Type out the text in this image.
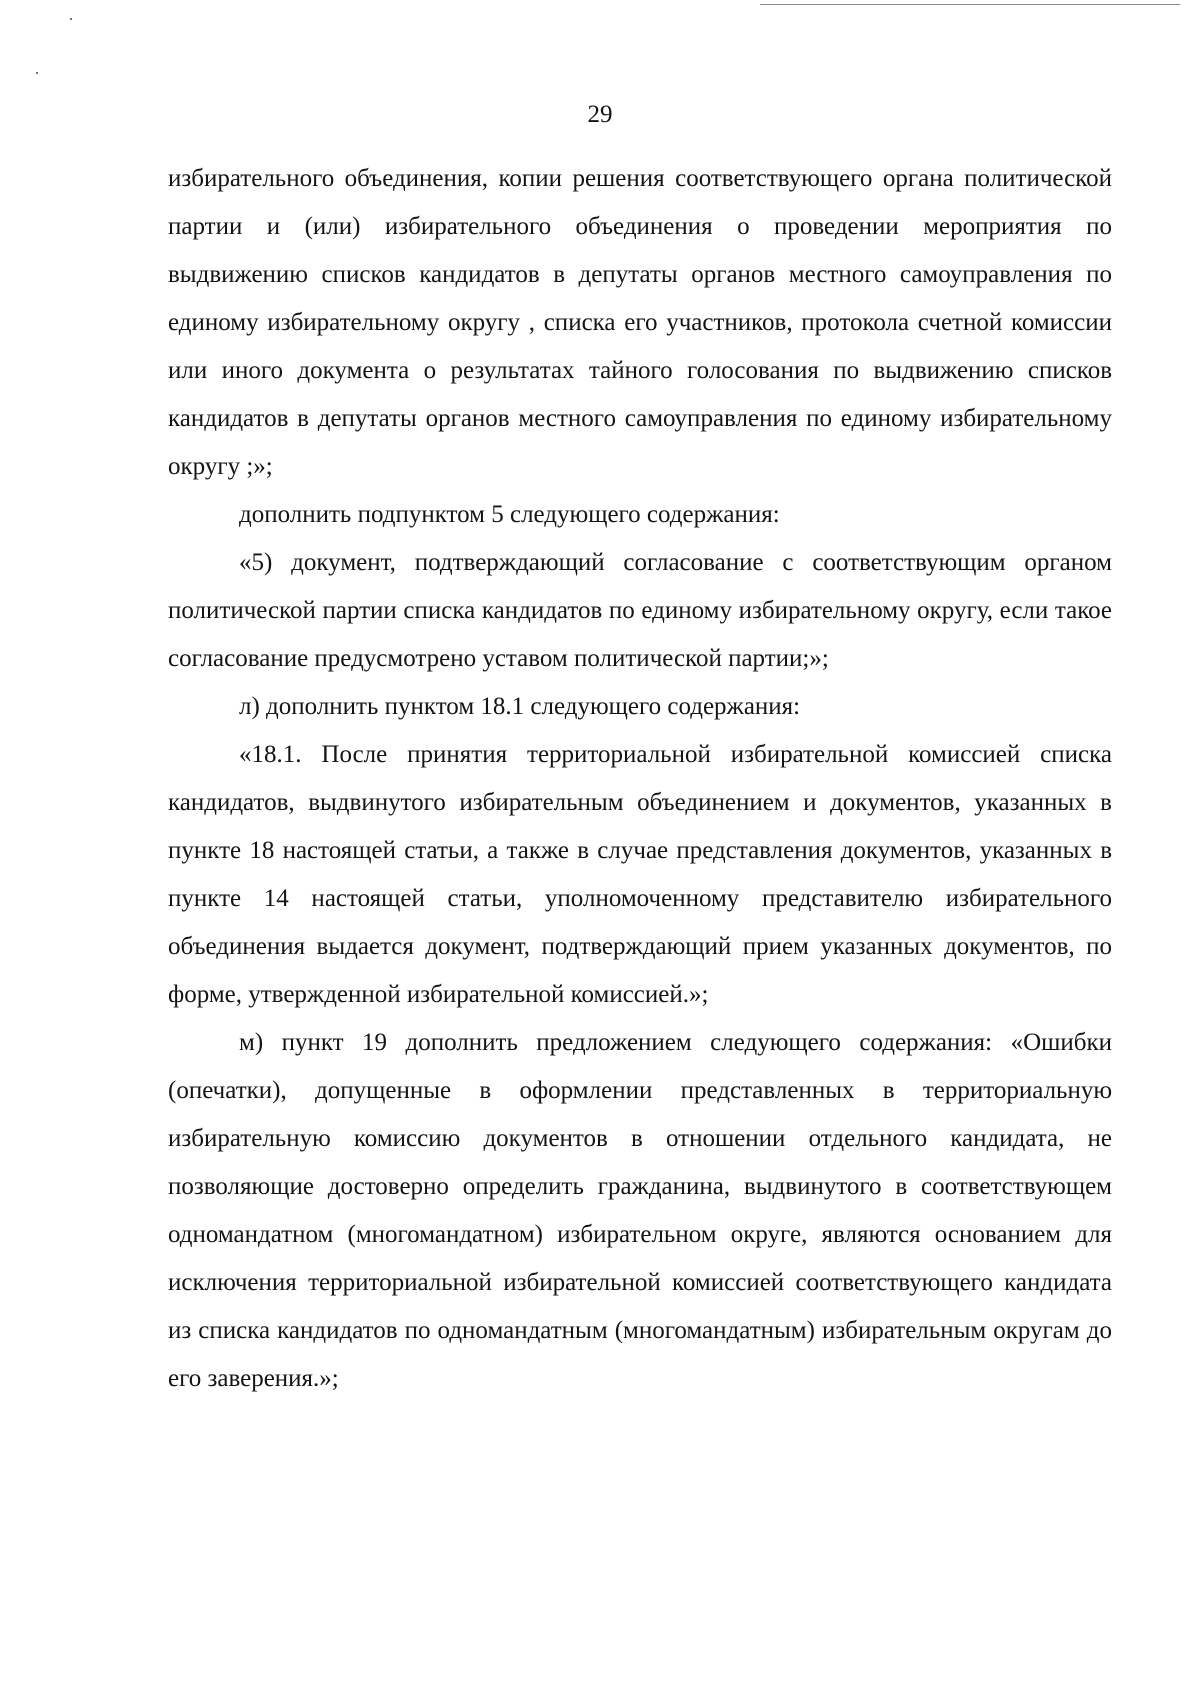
29

избирательного объединения, копии решения соответствующего органа политической партии и (или) избирательного объединения о проведении мероприятия по выдвижению списков кандидатов в депутаты органов местного самоуправления по единому избирательному округу , списка его участников, протокола счетной комиссии или иного документа о результатах тайного голосования по выдвижению списков кандидатов в депутаты органов местного самоуправления по единому избирательному округу ;»;

дополнить подпунктом 5 следующего содержания:

«5) документ, подтверждающий согласование с соответствующим органом политической партии списка кандидатов по единому избирательному округу, если такое согласование предусмотрено уставом политической партии;»;

л) дополнить пунктом 18.1 следующего содержания:

«18.1. После принятия территориальной избирательной комиссией списка кандидатов, выдвинутого избирательным объединением и документов, указанных в пункте 18 настоящей статьи, а также в случае представления документов, указанных в пункте 14 настоящей статьи, уполномоченному представителю избирательного объединения выдается документ, подтверждающий прием указанных документов, по форме, утвержденной избирательной комиссией.»;

м) пункт 19 дополнить предложением следующего содержания: «Ошибки (опечатки), допущенные в оформлении представленных в территориальную избирательную комиссию документов в отношении отдельного кандидата, не позволяющие достоверно определить гражданина, выдвинутого в соответствующем одномандатном (многомандатном) избирательном округе, являются основанием для исключения территориальной избирательной комиссией соответствующего кандидата из списка кандидатов по одномандатным (многомандатным) избирательным округам до его заверения.»;
